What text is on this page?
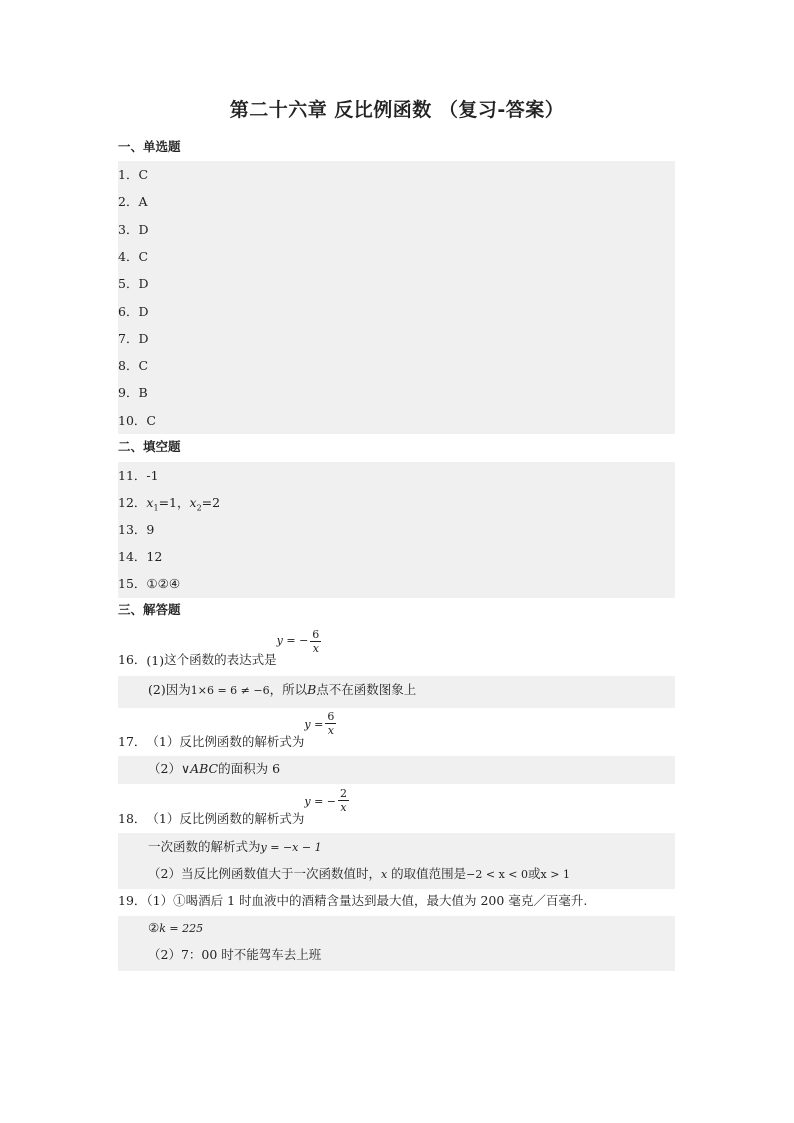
第二十六章 反比例函数 （复习-答案）
一、单选题
1．C
2．A
3．D
4．C
5．D
6．D
7．D
8．C
9．B
10．C
二、填空题
11．-1
12．$x_1=1$，$x_2=2$
13．9
14．12
15．①②④
三、解答题
16． (1) 这个函数的表达式是
y = − $\frac{6}{x}$
(2)因为1×6 = 6 ≠ −6，所以B点不在函数图象上
17． （1）反比例函数的解析式为
$y = \frac{6}{x}$
（2）∨ABC的面积为 6
18． （1）反比例函数的解析式为
y = − $\frac{2}{x}$
一次函数的解析式为y = −x − 1
（2）当反比例函数值大于一次函数值时，x 的取值范围是−2 < x < 0或x > 1
19．（1）①喝酒后 1 时血液中的酒精含量达到最大值，最大值为 200 毫克／百毫升.
②k = 225
（2）7：00 时不能驾车去上班
